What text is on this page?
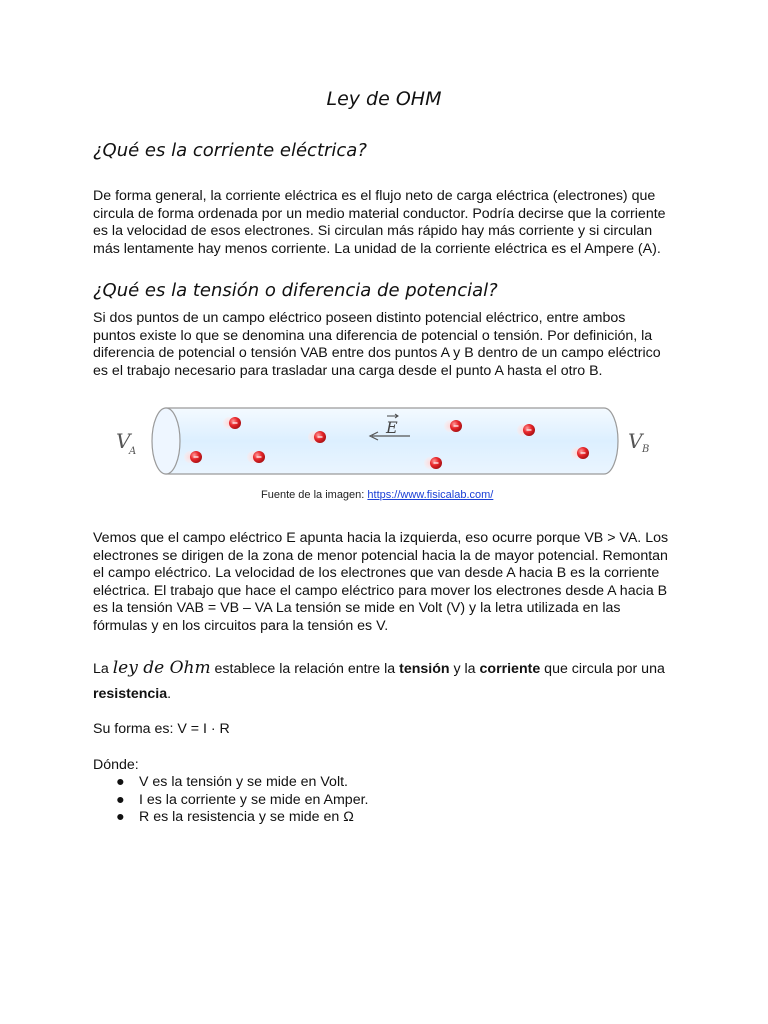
Ley de OHM
¿Qué es la corriente eléctrica?
De forma general, la corriente eléctrica es el flujo neto de carga eléctrica (electrones) que
circula de forma ordenada por un medio material conductor. Podría decirse que la corriente
es la velocidad de esos electrones. Si circulan más rápido hay más corriente y si circulan
más lentamente hay menos corriente. La unidad de la corriente eléctrica es el Ampere (A).
¿Qué es la tensión o diferencia de potencial?
Si dos puntos de un campo eléctrico poseen distinto potencial eléctrico, entre ambos
puntos existe lo que se denomina una diferencia de potencial o tensión. Por definición, la
diferencia de potencial o tensión VAB entre dos puntos A y B dentro de un campo eléctrico
es el trabajo necesario para trasladar una carga desde el punto A hasta el otro B.
V
A	V B
E
Fuente de la imagen: https://www.fisicalab.com/
Vemos que el campo eléctrico E apunta hacia la izquierda, eso ocurre porque VB > VA. Los
electrones se dirigen de la zona de menor potencial hacia la de mayor potencial. Remontan
el campo eléctrico. La velocidad de los electrones que van desde A hacia B es la corriente
eléctrica. El trabajo que hace el campo eléctrico para mover los electrones desde A hacia B
es la tensión VAB = VB – VA La tensión se mide en Volt (V) y la letra utilizada en las
fórmulas y en los circuitos para la tensión es V.
La ley de Ohm establece la relación entre la tensión y la corriente que circula por una
resistencia.
Su forma es: V = I · R
Dónde:
● V es la tensión y se mide en Volt.
● I es la corriente y se mide en Amper.
● R es la resistencia y se mide en Ω
